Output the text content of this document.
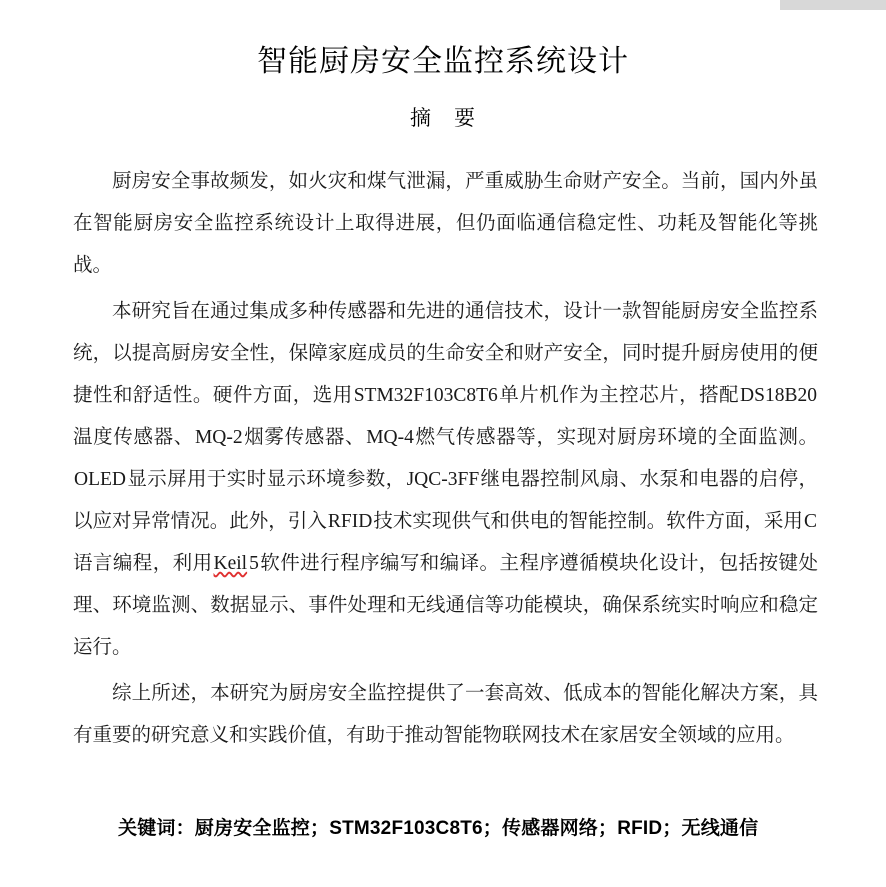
智能厨房安全监控系统设计
摘　要

厨房安全事故频发，如火灾和煤气泄漏，严重威胁生命财产安全。当前，国内外虽在智能厨房安全监控系统设计上取得进展，但仍面临通信稳定性、功耗及智能化等挑战。

本研究旨在通过集成多种传感器和先进的通信技术，设计一款智能厨房安全监控系统，以提高厨房安全性，保障家庭成员的生命安全和财产安全，同时提升厨房使用的便捷性和舒适性。硬件方面，选用STM32F103C8T6单片机作为主控芯片，搭配DS18B20温度传感器、MQ-2烟雾传感器、MQ-4燃气传感器等，实现对厨房环境的全面监测。OLED显示屏用于实时显示环境参数，JQC-3FF继电器控制风扇、水泵和电器的启停，以应对异常情况。此外，引入RFID技术实现供气和供电的智能控制。软件方面，采用C语言编程，利用Keil 5软件进行程序编写和编译。主程序遵循模块化设计，包括按键处理、环境监测、数据显示、事件处理和无线通信等功能模块，确保系统实时响应和稳定运行。

综上所述，本研究为厨房安全监控提供了一套高效、低成本的智能化解决方案，具有重要的研究意义和实践价值，有助于推动智能物联网技术在家居安全领域的应用。

关键词：厨房安全监控；STM32F103C8T6；传感器网络；RFID；无线通信
